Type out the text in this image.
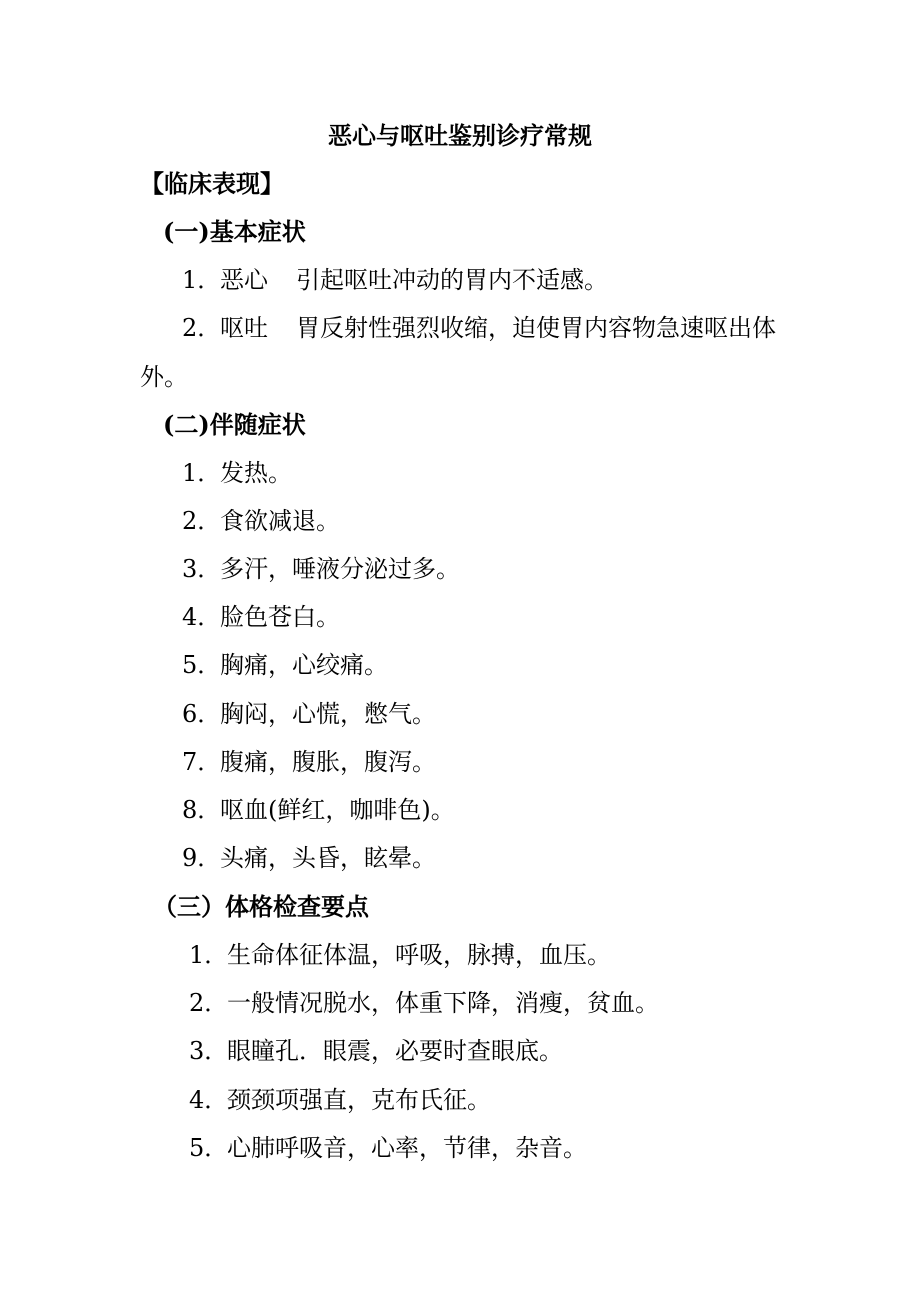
恶心与呕吐鉴别诊疗常规
【临床表现】
(一)基本症状
1．恶心 引起呕吐冲动的胃内不适感。
2．呕吐 胃反射性强烈收缩，迫使胃内容物急速呕出体
外。
(二)伴随症状
1．发热。
2．食欲减退。
3．多汗，唾液分泌过多。
4．脸色苍白。
5．胸痛，心绞痛。
6．胸闷，心慌，憋气。
7．腹痛，腹胀，腹泻。
8．呕血(鲜红，咖啡色)。
9．头痛，头昏，眩晕。
（三）体格检查要点
1．生命体征体温，呼吸，脉搏，血压。
2．一般情况脱水，体重下降，消瘦，贫血。
3．眼瞳孔．眼震，必要时查眼底。
4．颈颈项强直，克布氏征。
5．心肺呼吸音，心率，节律，杂音。
